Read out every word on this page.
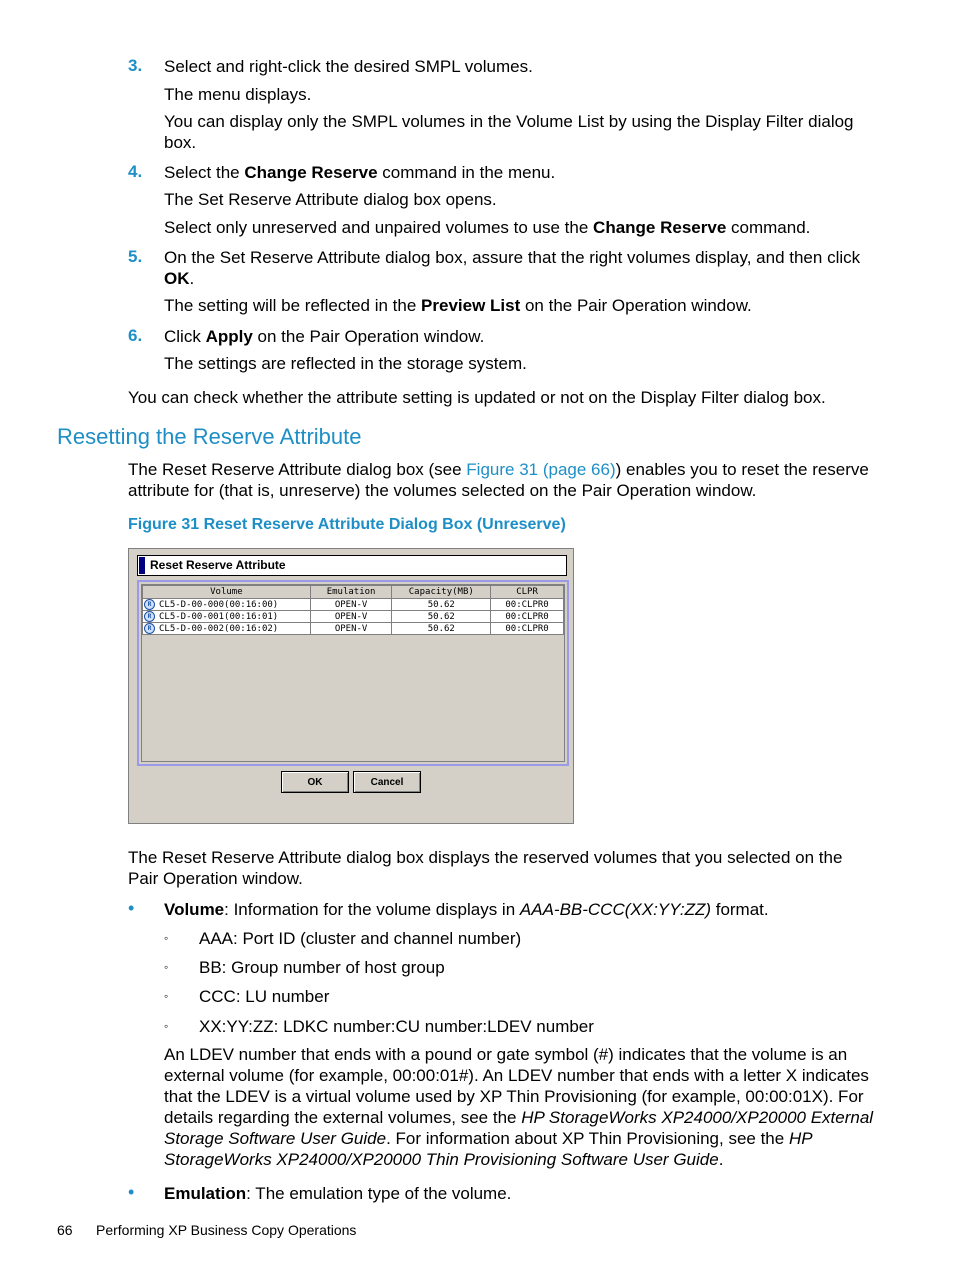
3. Select and right-click the desired SMPL volumes.
The menu displays.
You can display only the SMPL volumes in the Volume List by using the Display Filter dialog box.
4. Select the Change Reserve command in the menu.
The Set Reserve Attribute dialog box opens.
Select only unreserved and unpaired volumes to use the Change Reserve command.
5. On the Set Reserve Attribute dialog box, assure that the right volumes display, and then click OK.
The setting will be reflected in the Preview List on the Pair Operation window.
6. Click Apply on the Pair Operation window.
The settings are reflected in the storage system.
You can check whether the attribute setting is updated or not on the Display Filter dialog box.
Resetting the Reserve Attribute
The Reset Reserve Attribute dialog box (see Figure 31 (page 66)) enables you to reset the reserve attribute for (that is, unreserve) the volumes selected on the Pair Operation window.
Figure 31 Reset Reserve Attribute Dialog Box (Unreserve)
Reset Reserve Attribute
Volume	Emulation	Capacity(MB)	CLPR
R CL5-D-00-000(00:16:00)	OPEN-V	50.62	00:CLPR0
R CL5-D-00-001(00:16:01)	OPEN-V	50.62	00:CLPR0
R CL5-D-00-002(00:16:02)	OPEN-V	50.62	00:CLPR0
OK	Cancel
The Reset Reserve Attribute dialog box displays the reserved volumes that you selected on the Pair Operation window.
• Volume: Information for the volume displays in AAA-BB-CCC(XX:YY:ZZ) format.
◦ AAA: Port ID (cluster and channel number)
◦ BB: Group number of host group
◦ CCC: LU number
◦ XX:YY:ZZ: LDKC number:CU number:LDEV number
An LDEV number that ends with a pound or gate symbol (#) indicates that the volume is an external volume (for example, 00:00:01#). An LDEV number that ends with a letter X indicates that the LDEV is a virtual volume used by XP Thin Provisioning (for example, 00:00:01X). For details regarding the external volumes, see the HP StorageWorks XP24000/XP20000 External Storage Software User Guide. For information about XP Thin Provisioning, see the HP StorageWorks XP24000/XP20000 Thin Provisioning Software User Guide.
• Emulation: The emulation type of the volume.
66 Performing XP Business Copy Operations
